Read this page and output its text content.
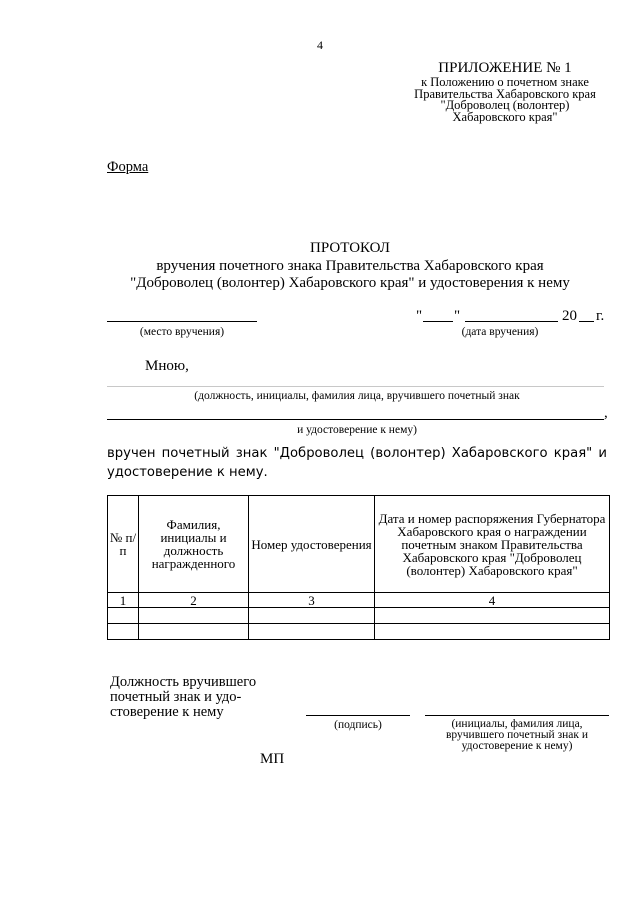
4
ПРИЛОЖЕНИЕ № 1
к Положению о почетном знаке
Правительства Хабаровского края
"Доброволец (волонтер)
Хабаровского края"
Форма
ПРОТОКОЛ
вручения почетного знака Правительства Хабаровского края
"Доброволец (волонтер) Хабаровского края" и удостоверения к нему
(место вручения)
" "	20 г.
(дата вручения)
Мною,
(должность, инициалы, фамилия лица, вручившего почетный знак
,
и удостоверение к нему)
вручен почетный знак "Доброволец (волонтер) Хабаровского края" и удостоверение к нему.
№ п/п	Фамилия, инициалы и должность награжденного	Номер удостоверения	Дата и номер распоряжения Губернатора Хабаровского края о награждении почетным знаком Правительства Хабаровского края "Доброволец (волонтер) Хабаровского края"
1	2	3	4

Должность вручившего
почетный знак и удо-
стоверение к нему
(подпись)	(инициалы, фамилия лица,
вручившего почетный знак и
удостоверение к нему)
МП
